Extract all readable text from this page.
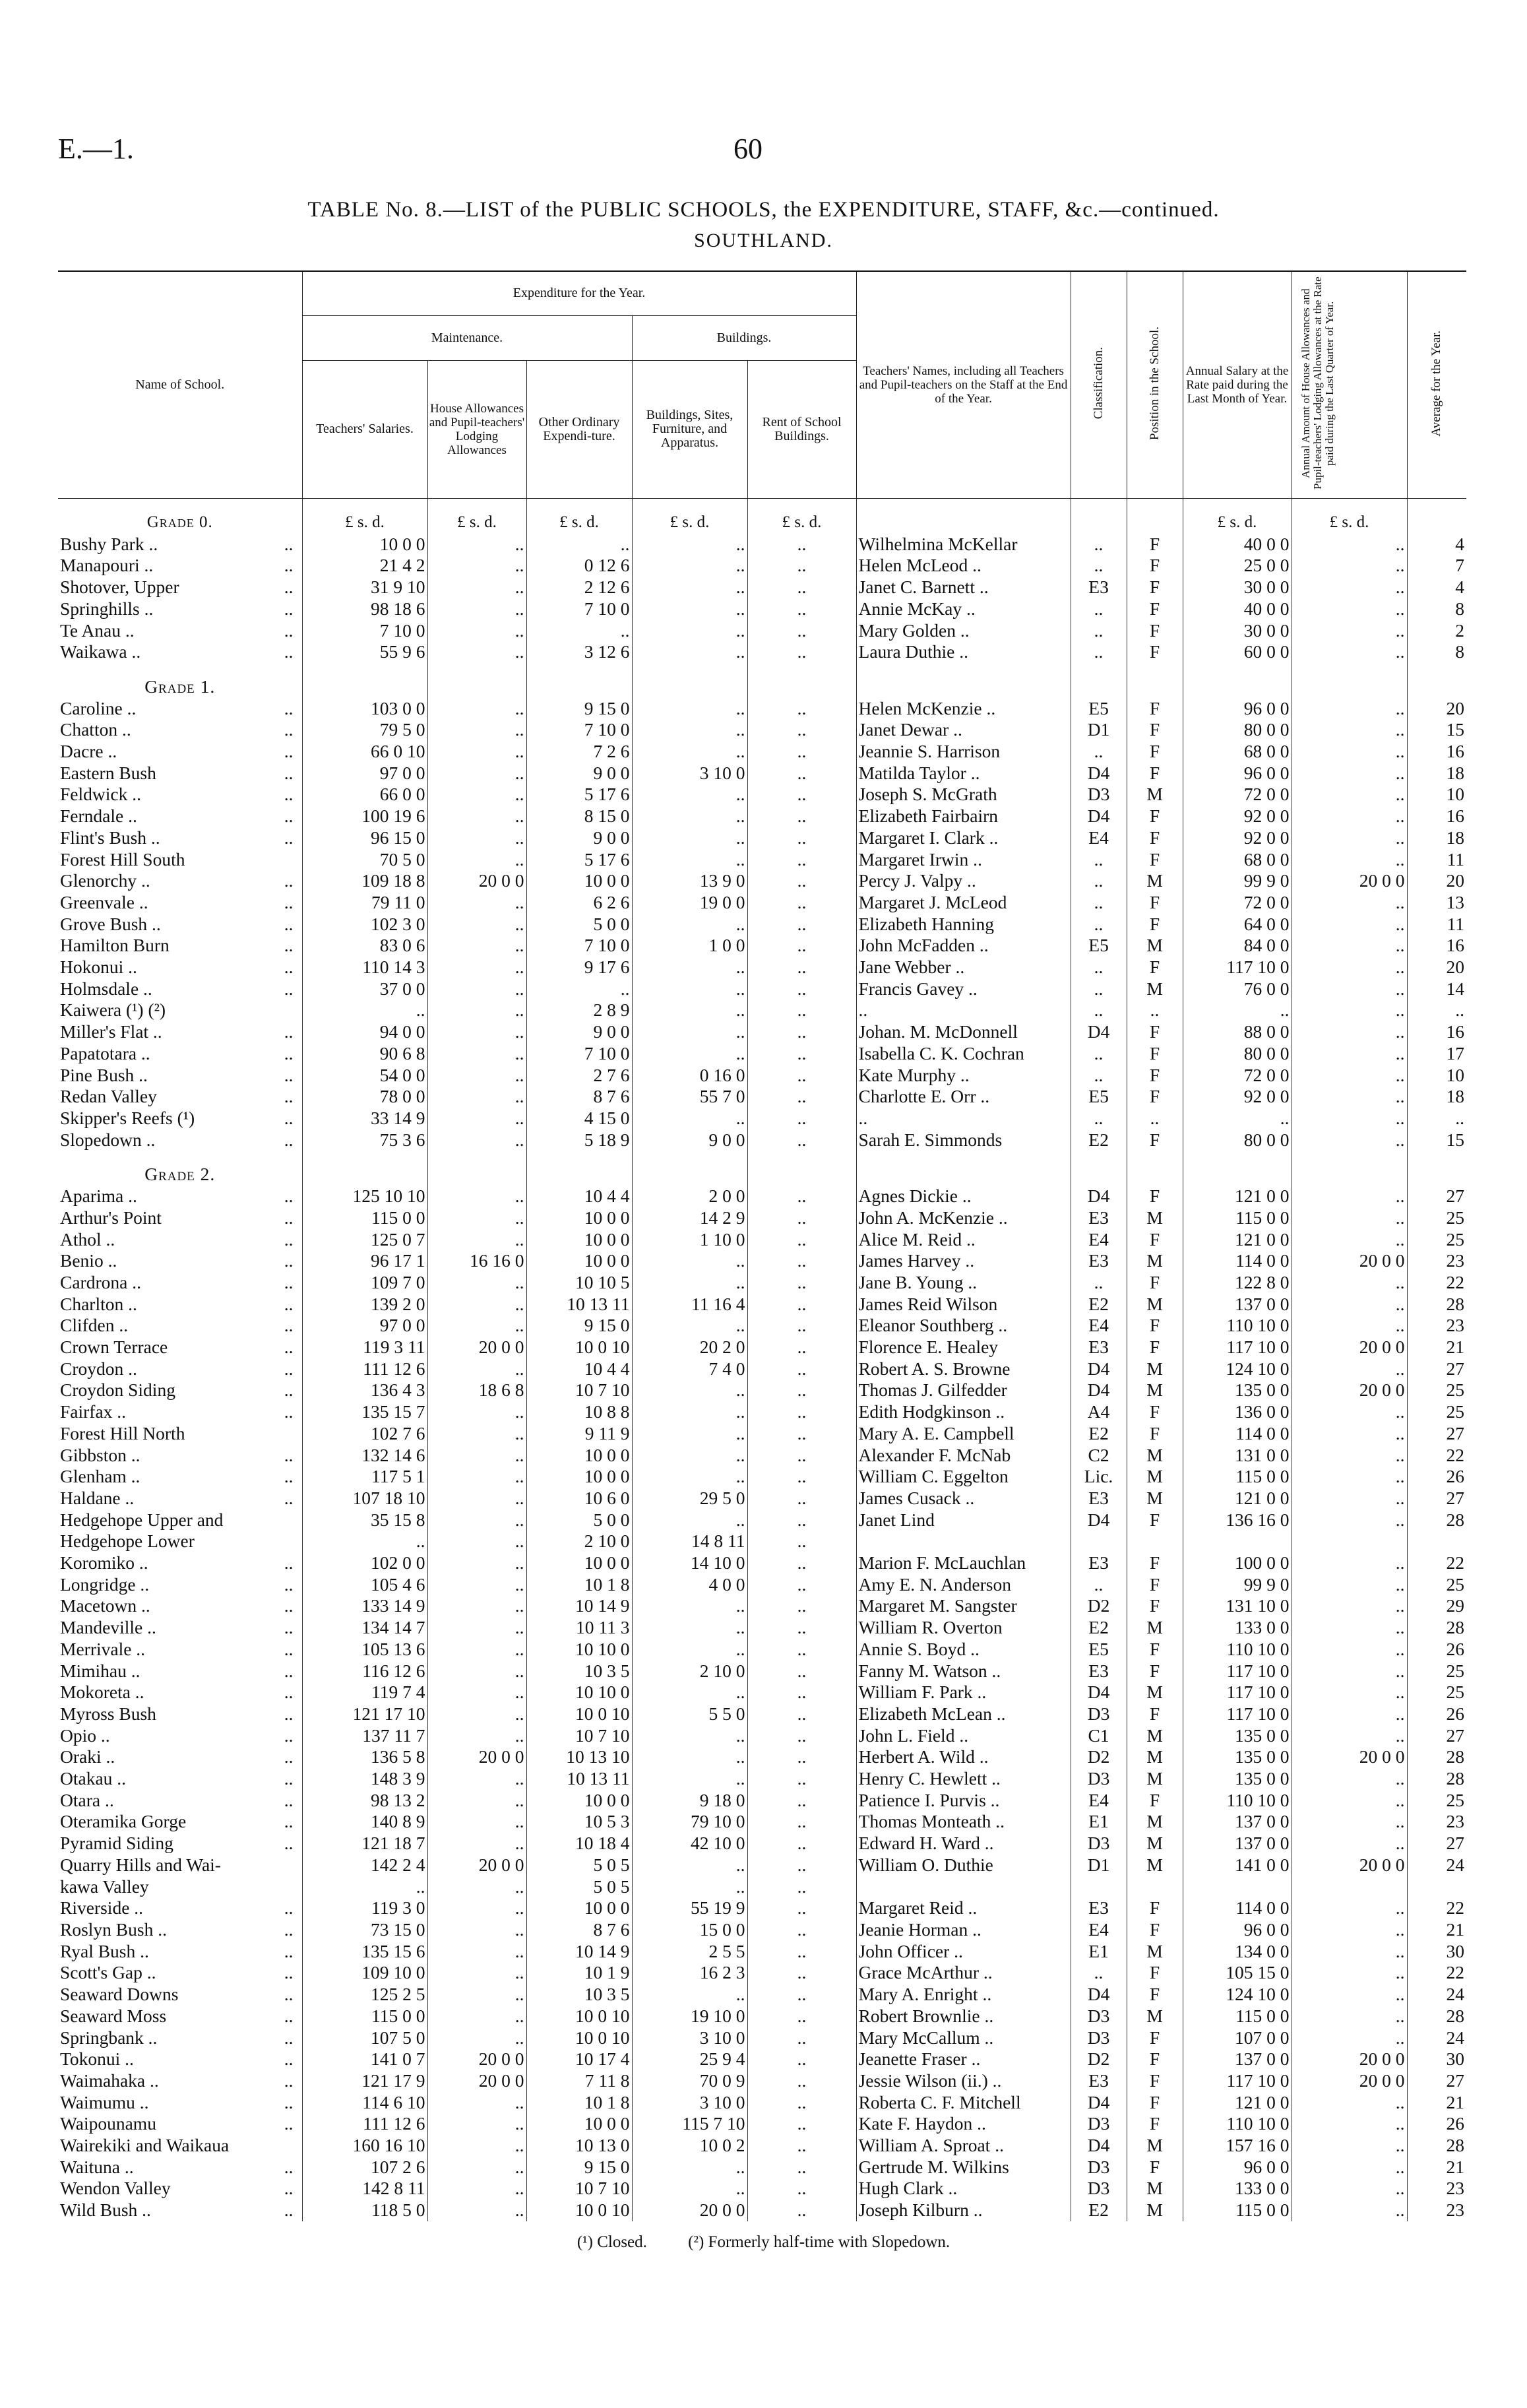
E.—1.	60
TABLE No. 8.—LIST of the PUBLIC SCHOOLS, the EXPENDITURE, STAFF, &c.—continued.
SOUTHLAND.
Name of School.	Expenditure for the Year.					Teachers' Names, including all Teachers and Pupil-teachers on the Staff at the End of the Year.	Classification.	Position in the School.	Annual Salary at the Rate paid during the Last Month of Year.	Annual Amount of House Allowances and Pupil-teachers' Lodging Allowances at the Rate paid during the Last Quarter of Year.	Average for the Year.
	Maintenance.			Buildings.							
	Teachers' Salaries.	House Allowances and Pupil-teachers' Lodging Allowances	Other Ordinary Expendi-ture.	Buildings, Sites, Furniture, and Apparatus.	Rent of School Buildings.						

Grade 0.	£ s. d.	£ s. d.	£ s. d.	£ s. d.	£ s. d.				£ s. d.	£ s. d.	
Bushy Park .. ..	10 0 0	..	..	..	..	Wilhelmina McKellar	..	F	40 0 0	..	4
Manapouri .. ..	21 4 2	..	0 12 6	..	..	Helen McLeod ..	..	F	25 0 0	..	7
Shotover, Upper ..	31 9 10	..	2 12 6	..	..	Janet C. Barnett ..	E3	F	30 0 0	..	4
Springhills .. ..	98 18 6	..	7 10 0	..	..	Annie McKay ..	..	F	40 0 0	..	8
Te Anau .. ..	7 10 0	..	..	..	..	Mary Golden ..	..	F	30 0 0	..	2
Waikawa .. ..	55 9 6	..	3 12 6	..	..	Laura Duthie ..	..	F	60 0 0	..	8

Grade 1.											
Caroline .. ..	103 0 0	..	9 15 0	..	..	Helen McKenzie ..	E5	F	96 0 0	..	20
Chatton .. ..	79 5 0	..	7 10 0	..	..	Janet Dewar ..	D1	F	80 0 0	..	15
Dacre .. ..	66 0 10	..	7 2 6	..	..	Jeannie S. Harrison	..	F	68 0 0	..	16
Eastern Bush ..	97 0 0	..	9 0 0	3 10 0	..	Matilda Taylor ..	D4	F	96 0 0	..	18
Feldwick .. ..	66 0 0	..	5 17 6	..	..	Joseph S. McGrath	D3	M	72 0 0	..	10
Ferndale .. ..	100 19 6	..	8 15 0	..	..	Elizabeth Fairbairn	D4	F	92 0 0	..	16
Flint's Bush .. ..	96 15 0	..	9 0 0	..	..	Margaret I. Clark ..	E4	F	92 0 0	..	18
Forest Hill South	70 5 0	..	5 17 6	..	..	Margaret Irwin ..	..	F	68 0 0	..	11
Glenorchy .. ..	109 18 8	20 0 0	10 0 0	13 9 0	..	Percy J. Valpy ..	..	M	99 9 0	20 0 0	20
Greenvale .. ..	79 11 0	..	6 2 6	19 0 0	..	Margaret J. McLeod	..	F	72 0 0	..	13
Grove Bush .. ..	102 3 0	..	5 0 0	..	..	Elizabeth Hanning	..	F	64 0 0	..	11
Hamilton Burn ..	83 0 6	..	7 10 0	1 0 0	..	John McFadden ..	E5	M	84 0 0	..	16
Hokonui .. ..	110 14 3	..	9 17 6	..	..	Jane Webber ..	..	F	117 10 0	..	20
Holmsdale .. ..	37 0 0	..	..	..	..	Francis Gavey ..	..	M	76 0 0	..	14
Kaiwera (¹) (²)	..	..	2 8 9	..	..	..	..	..	..	..	..
Miller's Flat .. ..	94 0 0	..	9 0 0	..	..	Johan. M. McDonnell	D4	F	88 0 0	..	16
Papatotara .. ..	90 6 8	..	7 10 0	..	..	Isabella C. K. Cochran	..	F	80 0 0	..	17
Pine Bush .. ..	54 0 0	..	2 7 6	0 16 0	..	Kate Murphy ..	..	F	72 0 0	..	10
Redan Valley ..	78 0 0	..	8 7 6	55 7 0	..	Charlotte E. Orr ..	E5	F	92 0 0	..	18
Skipper's Reefs (¹) ..	33 14 9	..	4 15 0	..	..	..	..	..	..	..	..
Slopedown .. ..	75 3 6	..	5 18 9	9 0 0	..	Sarah E. Simmonds	E2	F	80 0 0	..	15

Grade 2.											
Aparima .. ..	125 10 10	..	10 4 4	2 0 0	..	Agnes Dickie ..	D4	F	121 0 0	..	27
Arthur's Point ..	115 0 0	..	10 0 0	14 2 9	..	John A. McKenzie ..	E3	M	115 0 0	..	25
Athol .. ..	125 0 7	..	10 0 0	1 10 0	..	Alice M. Reid ..	E4	F	121 0 0	..	25
Benio .. ..	96 17 1	16 16 0	10 0 0	..	..	James Harvey ..	E3	M	114 0 0	20 0 0	23
Cardrona .. ..	109 7 0	..	10 10 5	..	..	Jane B. Young ..	..	F	122 8 0	..	22
Charlton .. ..	139 2 0	..	10 13 11	11 16 4	..	James Reid Wilson	E2	M	137 0 0	..	28
Clifden .. ..	97 0 0	..	9 15 0	..	..	Eleanor Southberg ..	E4	F	110 10 0	..	23
Crown Terrace ..	119 3 11	20 0 0	10 0 10	20 2 0	..	Florence E. Healey	E3	F	117 10 0	20 0 0	21
Croydon .. ..	111 12 6	..	10 4 4	7 4 0	..	Robert A. S. Browne	D4	M	124 10 0	..	27
Croydon Siding ..	136 4 3	18 6 8	10 7 10	..	..	Thomas J. Gilfedder	D4	M	135 0 0	20 0 0	25
Fairfax .. ..	135 15 7	..	10 8 8	..	..	Edith Hodgkinson ..	A4	F	136 0 0	..	25
Forest Hill North	102 7 6	..	9 11 9	..	..	Mary A. E. Campbell	E2	F	114 0 0	..	27
Gibbston .. ..	132 14 6	..	10 0 0	..	..	Alexander F. McNab	C2	M	131 0 0	..	22
Glenham .. ..	117 5 1	..	10 0 0	..	..	William C. Eggelton	Lic.	M	115 0 0	..	26
Haldane .. ..	107 18 10	..	10 6 0	29 5 0	..	James Cusack ..	E3	M	121 0 0	..	27
Hedgehope Upper and	35 15 8	..	5 0 0	..	..	Janet Lind	D4	F	136 16 0	..	28
Hedgehope Lower	..	..	2 10 0	14 8 11	..						
Koromiko .. ..	102 0 0	..	10 0 0	14 10 0	..	Marion F. McLauchlan	E3	F	100 0 0	..	22
Longridge .. ..	105 4 6	..	10 1 8	4 0 0	..	Amy E. N. Anderson	..	F	99 9 0	..	25
Macetown .. ..	133 14 9	..	10 14 9	..	..	Margaret M. Sangster	D2	F	131 10 0	..	29
Mandeville .. ..	134 14 7	..	10 11 3	..	..	William R. Overton	E2	M	133 0 0	..	28
Merrivale .. ..	105 13 6	..	10 10 0	..	..	Annie S. Boyd ..	E5	F	110 10 0	..	26
Mimihau .. ..	116 12 6	..	10 3 5	2 10 0	..	Fanny M. Watson ..	E3	F	117 10 0	..	25
Mokoreta .. ..	119 7 4	..	10 10 0	..	..	William F. Park ..	D4	M	117 10 0	..	25
Myross Bush ..	121 17 10	..	10 0 10	5 5 0	..	Elizabeth McLean ..	D3	F	117 10 0	..	26
Opio .. ..	137 11 7	..	10 7 10	..	..	John L. Field ..	C1	M	135 0 0	..	27
Oraki .. ..	136 5 8	20 0 0	10 13 10	..	..	Herbert A. Wild ..	D2	M	135 0 0	20 0 0	28
Otakau .. ..	148 3 9	..	10 13 11	..	..	Henry C. Hewlett ..	D3	M	135 0 0	..	28
Otara .. ..	98 13 2	..	10 0 0	9 18 0	..	Patience I. Purvis ..	E4	F	110 10 0	..	25
Oteramika Gorge ..	140 8 9	..	10 5 3	79 10 0	..	Thomas Monteath ..	E1	M	137 0 0	..	23
Pyramid Siding ..	121 18 7	..	10 18 4	42 10 0	..	Edward H. Ward ..	D3	M	137 0 0	..	27
Quarry Hills and Wai-	142 2 4	20 0 0	5 0 5	..	..	William O. Duthie	D1	M	141 0 0	20 0 0	24
kawa Valley	..	..	5 0 5	..	..						
Riverside .. ..	119 3 0	..	10 0 0	55 19 9	..	Margaret Reid ..	E3	F	114 0 0	..	22
Roslyn Bush .. ..	73 15 0	..	8 7 6	15 0 0	..	Jeanie Horman ..	E4	F	96 0 0	..	21
Ryal Bush .. ..	135 15 6	..	10 14 9	2 5 5	..	John Officer ..	E1	M	134 0 0	..	30
Scott's Gap .. ..	109 10 0	..	10 1 9	16 2 3	..	Grace McArthur ..	..	F	105 15 0	..	22
Seaward Downs ..	125 2 5	..	10 3 5	..	..	Mary A. Enright ..	D4	F	124 10 0	..	24
Seaward Moss ..	115 0 0	..	10 0 10	19 10 0	..	Robert Brownlie ..	D3	M	115 0 0	..	28
Springbank .. ..	107 5 0	..	10 0 10	3 10 0	..	Mary McCallum ..	D3	F	107 0 0	..	24
Tokonui .. ..	141 0 7	20 0 0	10 17 4	25 9 4	..	Jeanette Fraser ..	D2	F	137 0 0	20 0 0	30
Waimahaka .. ..	121 17 9	20 0 0	7 11 8	70 0 9	..	Jessie Wilson (ii.) ..	E3	F	117 10 0	20 0 0	27
Waimumu .. ..	114 6 10	..	10 1 8	3 10 0	..	Roberta C. F. Mitchell	D4	F	121 0 0	..	21
Waipounamu ..	111 12 6	..	10 0 0	115 7 10	..	Kate F. Haydon ..	D3	F	110 10 0	..	26
Wairekiki and Waikaua	160 16 10	..	10 13 0	10 0 2	..	William A. Sproat ..	D4	M	157 16 0	..	28
Waituna .. ..	107 2 6	..	9 15 0	..	..	Gertrude M. Wilkins	D3	F	96 0 0	..	21
Wendon Valley ..	142 8 11	..	10 7 10	..	..	Hugh Clark ..	D3	M	133 0 0	..	23
Wild Bush .. ..	118 5 0	..	10 0 10	20 0 0	..	Joseph Kilburn ..	E2	M	115 0 0	..	23
(¹) Closed. (²) Formerly half-time with Slopedown.
